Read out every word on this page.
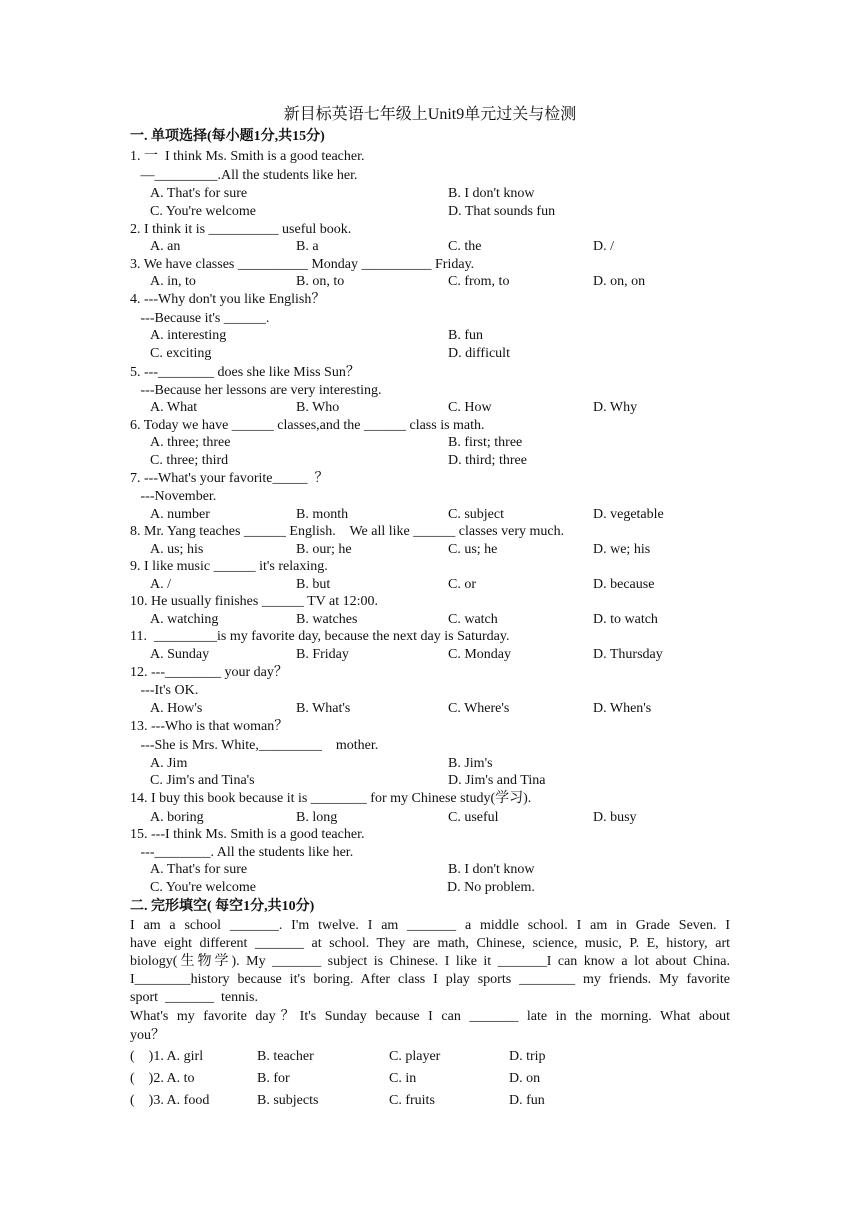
新目标英语七年级上Unit9单元过关与检测
一. 单项选择(每小题1分,共15分)
1. 一  I think Ms. Smith is a good teacher.
—_________.All the students like her.
A. That's for sure	B. I don't know
C. You're welcome	D. That sounds fun
2. I think it is __________ useful book.
A. an	B. a	C. the	D. /
3. We have classes __________ Monday __________ Friday.
A. in, to	B. on, to	C. from, to	D. on, on
4. ---Why don't you like English？
---Because it's ______.
A. interesting	B. fun
C. exciting	D. difficult
5. ---________ does she like Miss Sun？
---Because her lessons are very interesting.
A. What	B. Who	C. How	D. Why
6. Today we have ______ classes,and the ______ class is math.
A. three; three	B. first; three
C. three; third	D. third; three
7. ---What's your favorite_____  ？
---November.
A. number	B. month	C. subject	D. vegetable
8. Mr. Yang teaches ______ English.    We all like ______ classes very much.
A. us; his	B. our; he	C. us; he	D. we; his
9. I like music ______ it's relaxing.
A. /	B. but	C. or	D. because
10. He usually finishes ______ TV at 12:00.
A. watching	B. watches	C. watch	D. to watch
11.  _________is my favorite day, because the next day is Saturday.
A. Sunday	B. Friday	C. Monday	D. Thursday
12. ---________ your day？
---It's OK.
A. How's	B. What's	C. Where's	D. When's
13. ---Who is that woman？
---She is Mrs. White,_________    mother.
A. Jim	B. Jim's
C. Jim's and Tina's	D. Jim's and Tina
14. I buy this book because it is ________ for my Chinese study(学习).
A. boring	B. long	C. useful	D. busy
15. ---I think Ms. Smith is a good teacher.
---________. All the students like her.
A. That's for sure	B. I don't know
C. You're welcome	D. No problem.
二. 完形填空( 每空1分,共10分)
I am a school _______. I'm twelve. I am _______ a middle school. I am in Grade Seven. I
have eight different _______ at school. They are math, Chinese, science, music, P. E, history, art
biology(生物学). My _______ subject is Chinese. I like it _______I can know a lot about China.
I________history because it's boring. After class I play sports ________ my friends. My favorite
sport  _______  tennis.
What's my favorite day？It's Sunday because I can _______ late in the morning. What about
you？
(    )1. A. girl	B. teacher	C. player	D. trip
(    )2. A. to	B. for	C. in	D. on
(    )3. A. food	B. subjects	C. fruits	D. fun
